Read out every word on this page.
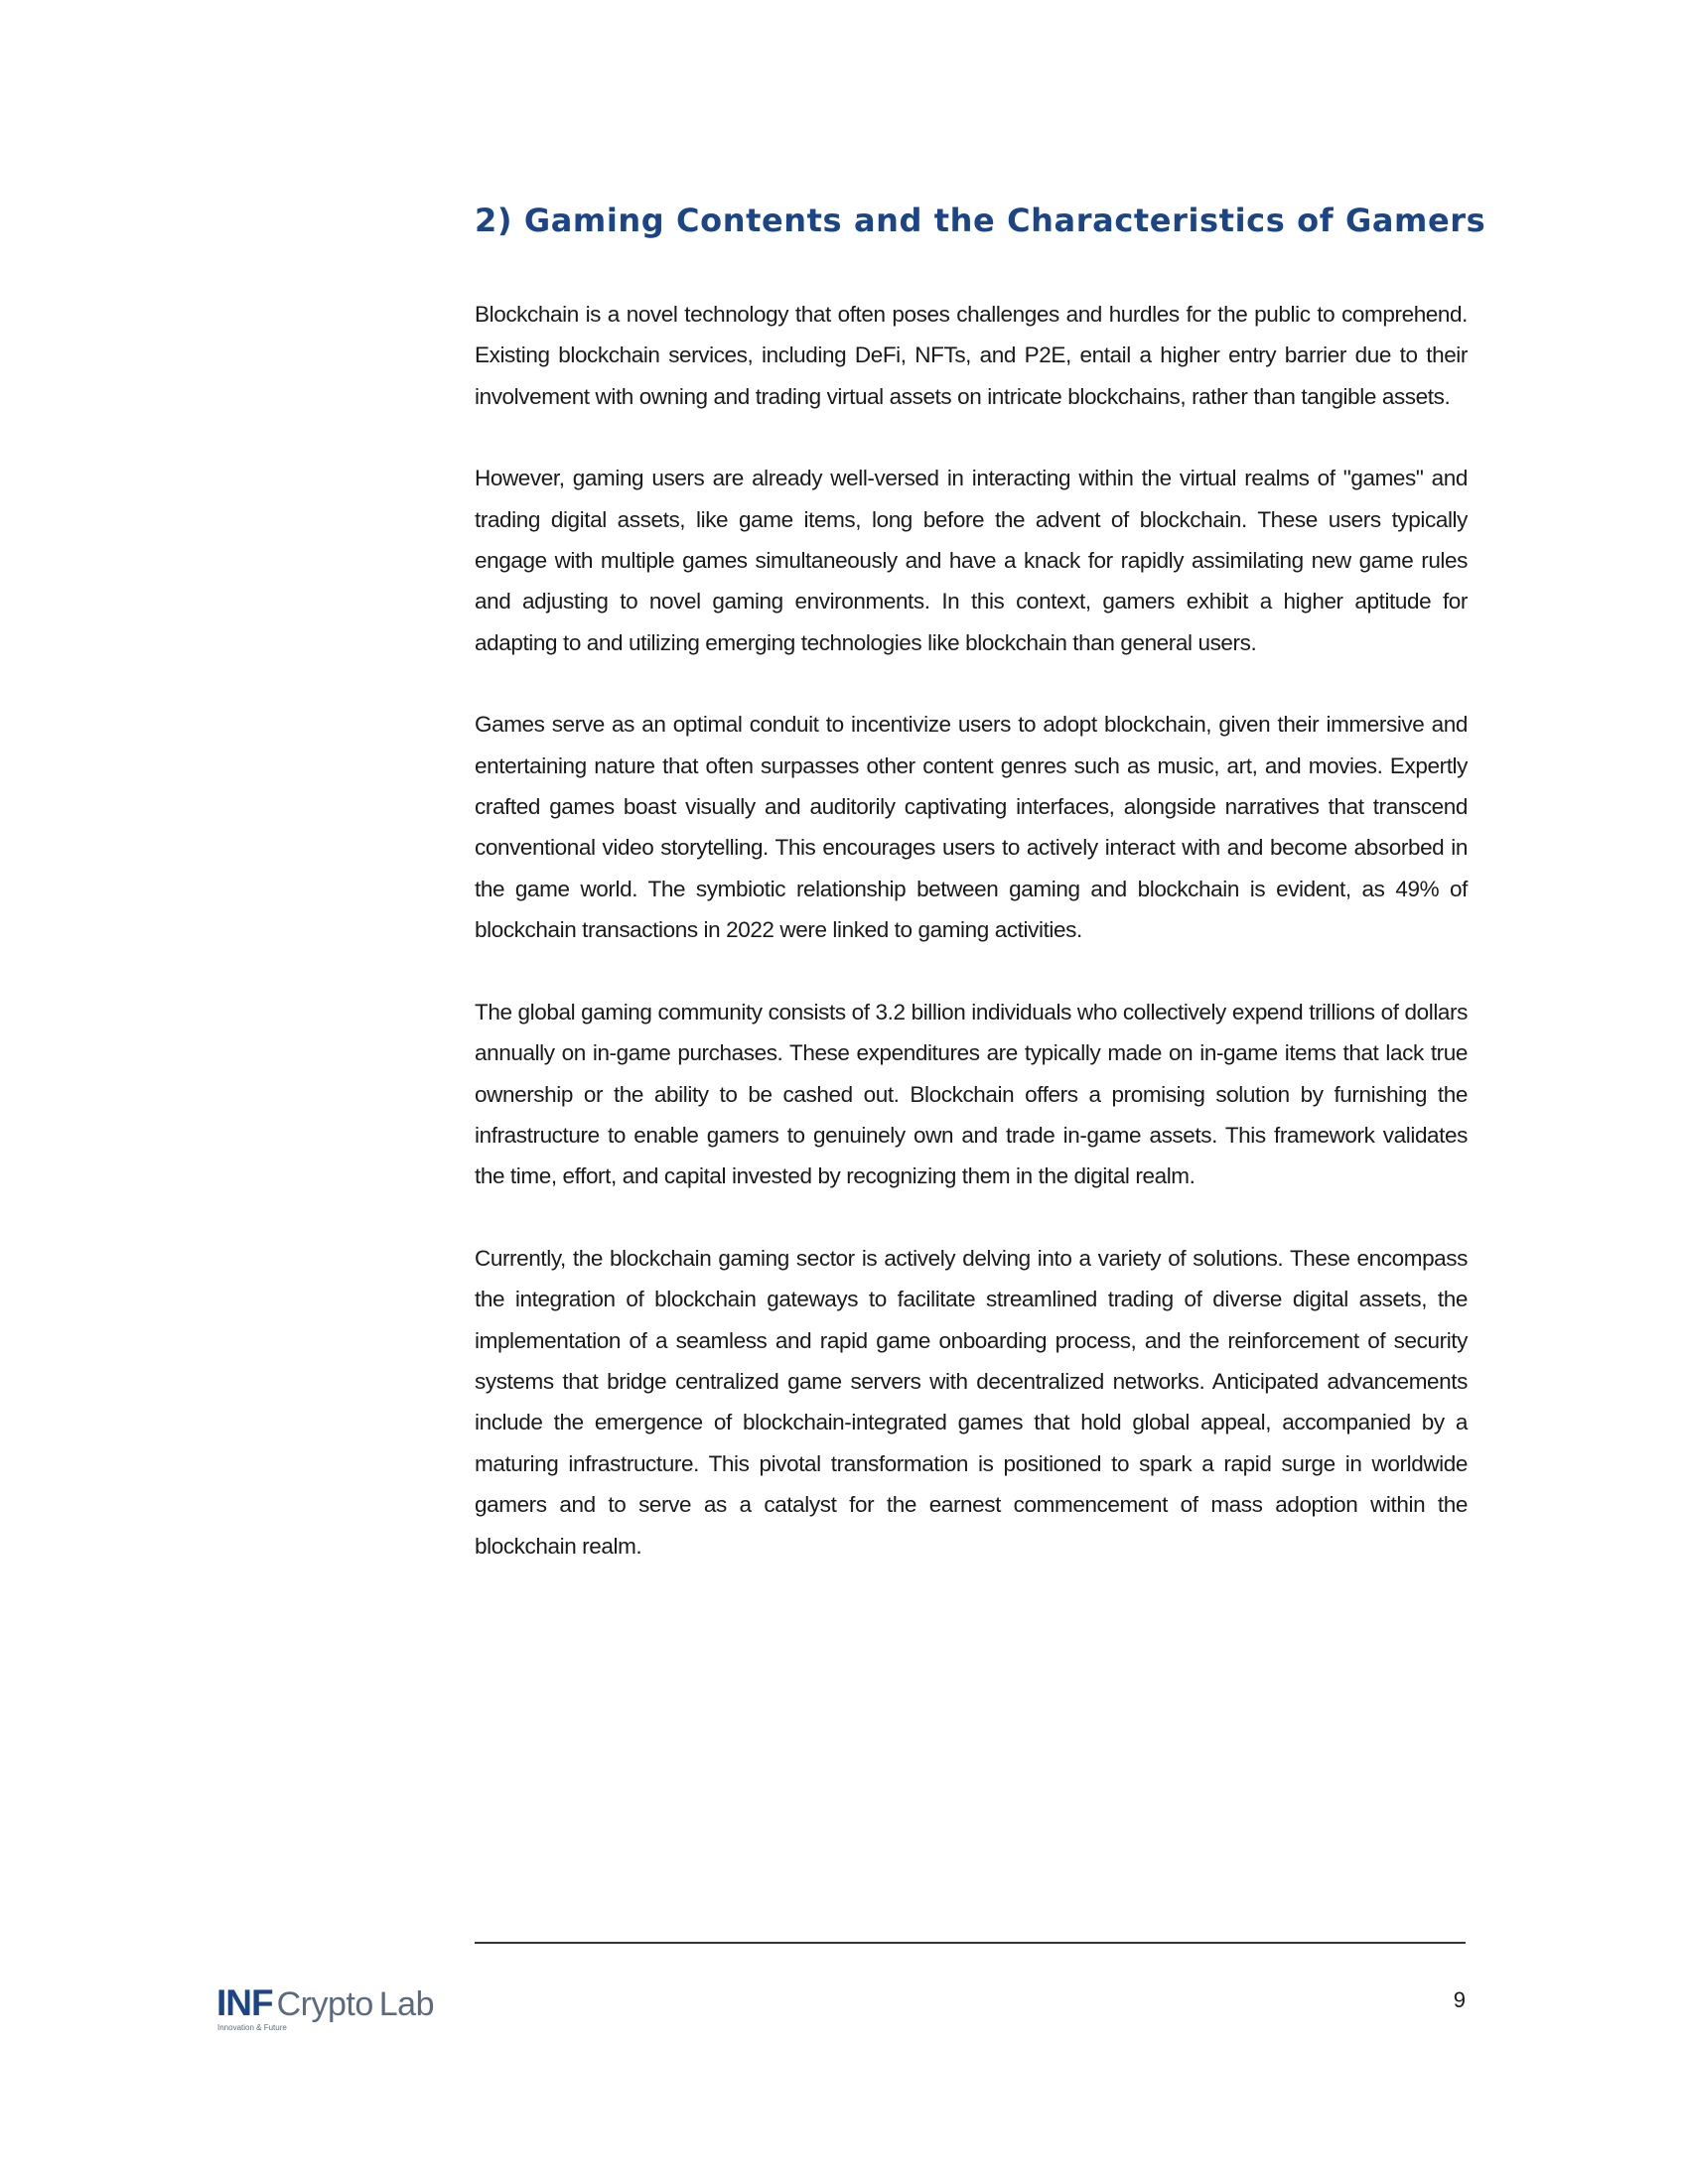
2) Gaming Contents and the Characteristics of Gamers

Blockchain is a novel technology that often poses challenges and hurdles for the public to comprehend. Existing blockchain services, including DeFi, NFTs, and P2E, entail a higher entry barrier due to their involvement with owning and trading virtual assets on intricate blockchains, rather than tangible assets.

However, gaming users are already well-versed in interacting within the virtual realms of "games" and trading digital assets, like game items, long before the advent of blockchain. These users typically engage with multiple games simultaneously and have a knack for rapidly assimilating new game rules and adjusting to novel gaming environments. In this context, gamers exhibit a higher aptitude for adapting to and utilizing emerging technologies like blockchain than general users.

Games serve as an optimal conduit to incentivize users to adopt blockchain, given their immersive and entertaining nature that often surpasses other content genres such as music, art, and movies. Expertly crafted games boast visually and auditorily captivating interfaces, alongside narratives that transcend conventional video storytelling. This encourages users to actively interact with and become absorbed in the game world. The symbiotic relationship between gaming and blockchain is evident, as 49% of blockchain transactions in 2022 were linked to gaming activities.

The global gaming community consists of 3.2 billion individuals who collectively expend trillions of dollars annually on in-game purchases. These expenditures are typically made on in-game items that lack true ownership or the ability to be cashed out. Blockchain offers a promising solution by furnishing the infrastructure to enable gamers to genuinely own and trade in-game assets. This framework validates the time, effort, and capital invested by recognizing them in the digital realm.

Currently, the blockchain gaming sector is actively delving into a variety of solutions. These encompass the integration of blockchain gateways to facilitate streamlined trading of diverse digital assets, the implementation of a seamless and rapid game onboarding process, and the reinforcement of security systems that bridge centralized game servers with decentralized networks. Anticipated advancements include the emergence of blockchain-integrated games that hold global appeal, accompanied by a maturing infrastructure. This pivotal transformation is positioned to spark a rapid surge in worldwide gamers and to serve as a catalyst for the earnest commencement of mass adoption within the blockchain realm.

INF Crypto Lab
Innovation & Future
9
